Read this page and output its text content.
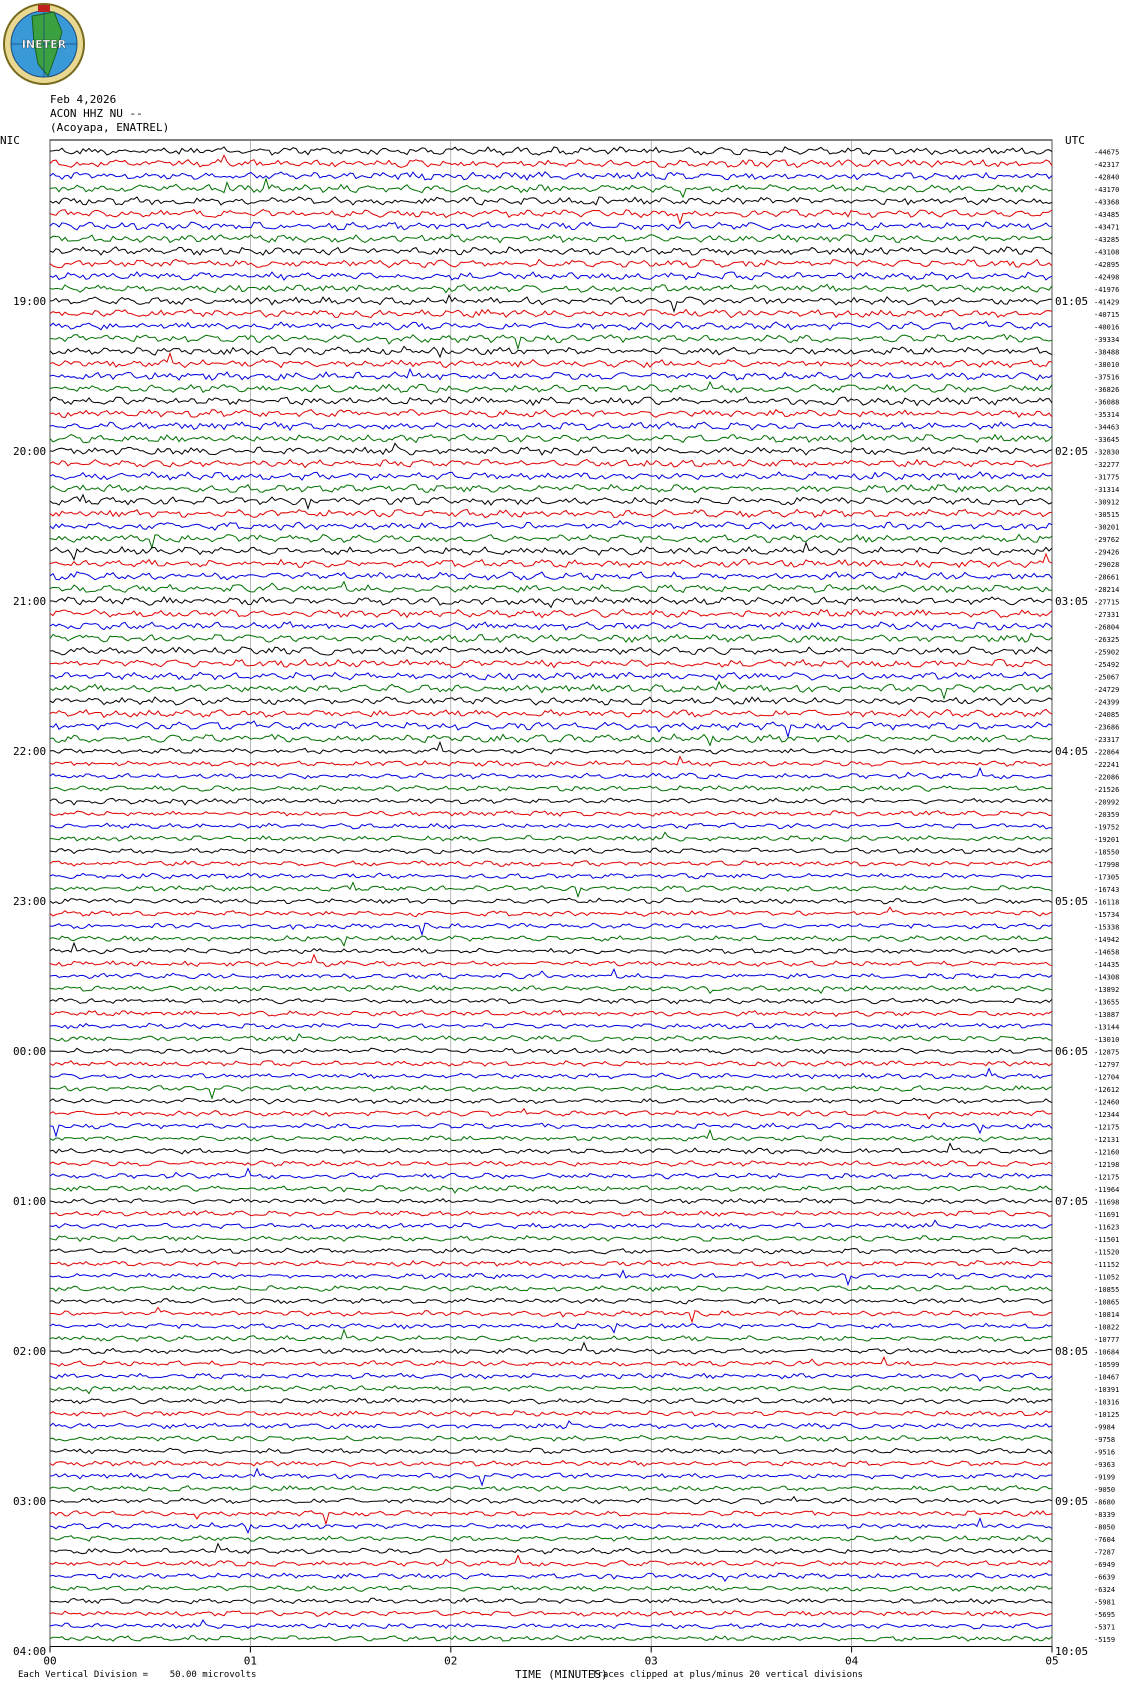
INETER
Feb 4,2026
ACON HHZ NU --
(Acoyapa, ENATREL)
NIC	UTC
00	01	02	03	04	05
-44675
-42317
-42840
-43170
-43368
-43485
-43471
-43285
-43108
-42895
-42498
-41976
-41429
-40715
-40016
-39334
-38488
-38010
-37516
-36826
-36088
-35314
-34463
-33645
-32830
-32277
-31775
-31314
-30912
-30515
-30201
-29762
-29426
-29028
-28661
-28214
-27715
-27331
-26804
-26325
-25902
-25492
-25067
-24729
-24399
-24085
-23686
-23317
-22864
-22241
-22086
-21526
-20992
-20359
-19752
-19201
-18550
-17998
-17305
-16743
-16118
-15734
-15338
-14942
-14658
-14435
-14308
-13892
-13655
-13887
-13144
-13010
-12875
-12797
-12704
-12612
-12460
-12344
-12175
-12131
-12160
-12198
-12175
-11964
-11698
-11691
-11623
-11501
-11520
-11152
-11052
-10855
-10865
-10814
-10822
-10777
-10684
-10599
-10467
-10391
-10316
-10125
-9984
-9758
-9516
-9363
-9199
-9050
-8680
-8339
-8050
-7604
-7287
-6949
-6639
-6324
-5981
-5695
-5371
-5159
19:00	01:05
20:00	02:05
21:00	03:05
22:00	04:05
23:00	05:05
00:00	06:05
01:00	07:05
02:00	08:05
03:00	09:05
04:00	10:05
Each Vertical Division =    50.00 microvolts	TIME (MINUTES)
Traces clipped at plus/minus 20 vertical divisions
